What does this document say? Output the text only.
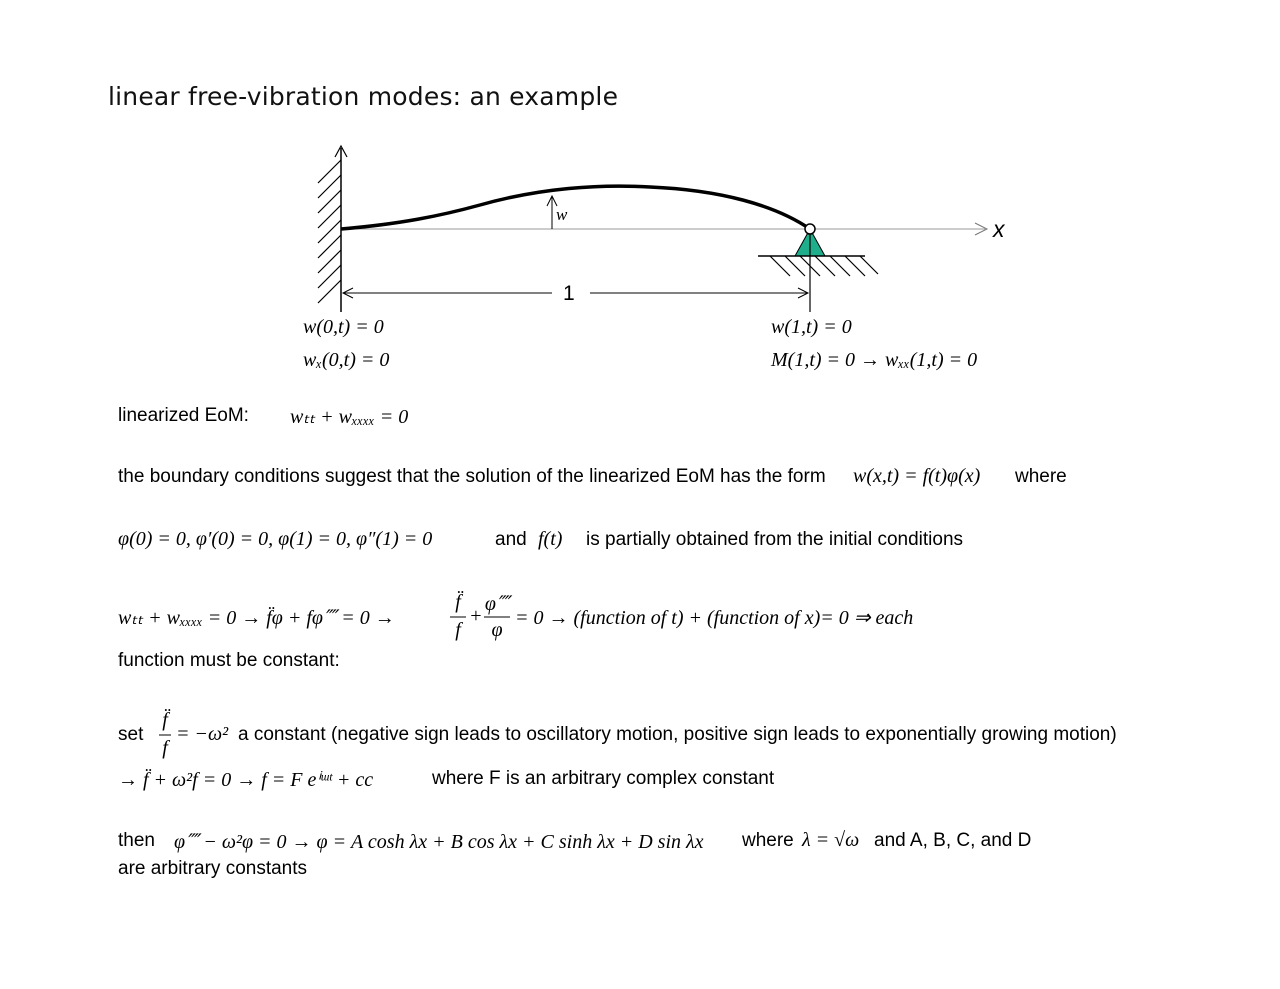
linear free-vibration modes: an example
w
x
1
w(0,t) = 0
wₓ(0,t) = 0
w(1,t) = 0
M(1,t) = 0 → wₓₓ(1,t) = 0
linearized EoM: wₜₜ + wₓₓₓₓ = 0
the boundary conditions suggest that the solution of the linearized EoM has the form w(x,t) = f(t)φ(x) where
φ(0) = 0, φ′(0) = 0, φ(1) = 0, φ″(1) = 0	and f(t) is partially obtained from the initial conditions
wₜₜ + wₓₓₓₓ = 0 → f̈φ + fφ⁗ = 0 →
f̈
f
+
φ⁗
φ
= 0 → (function of t) + (function of x)= 0 ⇒ each
function must be constant:
set
f̈
f
= −ω² a constant (negative sign leads to oscillatory motion, positive sign leads to exponentially growing motion)
→ f̈ + ω²f = 0 → f = F eⁱᵚᵗ + cc	where F is an arbitrary complex constant
then φ⁗ − ω²φ = 0 → φ = A cosh λx + B cos λx + C sinh λx + D sin λx where λ = √ω and A, B, C, and D
are arbitrary constants
